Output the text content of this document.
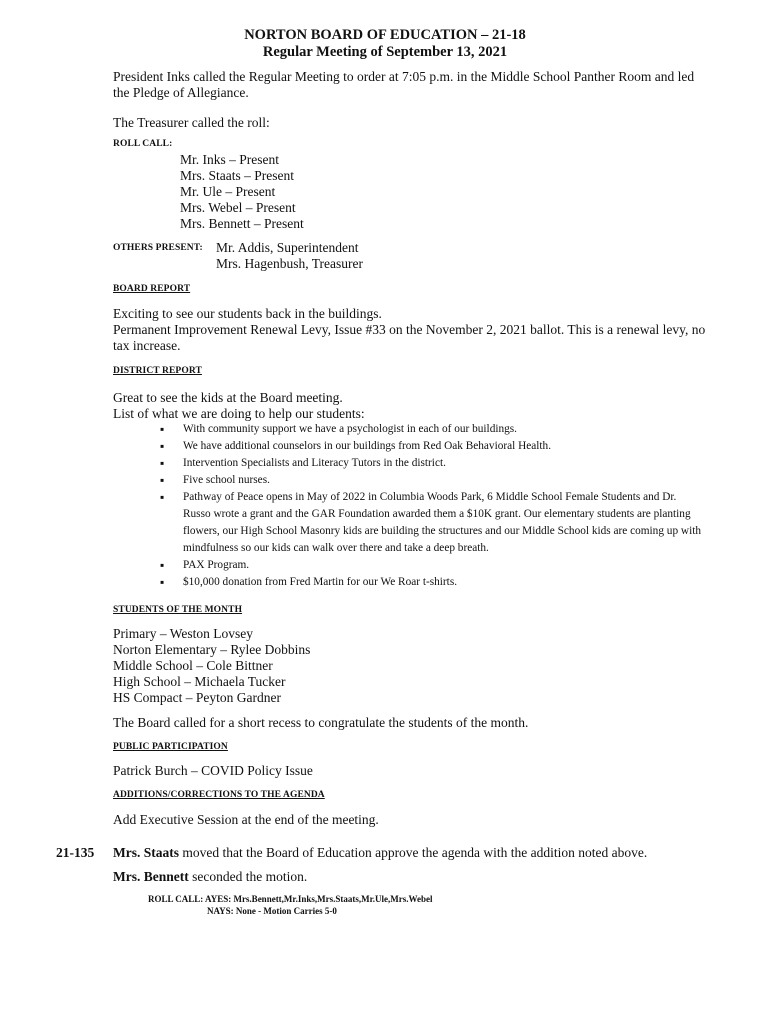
NORTON BOARD OF EDUCATION – 21-18
Regular Meeting of September 13, 2021
President Inks called the Regular Meeting to order at 7:05 p.m. in the Middle School Panther Room and led the Pledge of Allegiance.
The Treasurer called the roll:
ROLL CALL:
Mr. Inks – Present
Mrs. Staats – Present
Mr. Ule – Present
Mrs. Webel – Present
Mrs. Bennett – Present
OTHERS PRESENT: Mr. Addis, Superintendent
Mrs. Hagenbush, Treasurer
BOARD REPORT
Exciting to see our students back in the buildings.
Permanent Improvement Renewal Levy, Issue #33 on the November 2, 2021 ballot. This is a renewal levy, no tax increase.
DISTRICT REPORT
Great to see the kids at the Board meeting.
List of what we are doing to help our students:
▪ With community support we have a psychologist in each of our buildings.
▪ We have additional counselors in our buildings from Red Oak Behavioral Health.
▪ Intervention Specialists and Literacy Tutors in the district.
▪ Five school nurses.
▪ Pathway of Peace opens in May of 2022 in Columbia Woods Park, 6 Middle School Female Students and Dr. Russo wrote a grant and the GAR Foundation awarded them a $10K grant. Our elementary students are planting flowers, our High School Masonry kids are building the structures and our Middle School kids are coming up with mindfulness so our kids can walk over there and take a deep breath.
▪ PAX Program.
▪ $10,000 donation from Fred Martin for our We Roar t-shirts.
STUDENTS OF THE MONTH
Primary – Weston Lovsey
Norton Elementary – Rylee Dobbins
Middle School – Cole Bittner
High School – Michaela Tucker
HS Compact – Peyton Gardner
The Board called for a short recess to congratulate the students of the month.
PUBLIC PARTICIPATION
Patrick Burch – COVID Policy Issue
ADDITIONS/CORRECTIONS TO THE AGENDA
Add Executive Session at the end of the meeting.
21-135 Mrs. Staats moved that the Board of Education approve the agenda with the addition noted above.
Mrs. Bennett seconded the motion.
ROLL CALL: AYES: Mrs.Bennett,Mr.Inks,Mrs.Staats,Mr.Ule,Mrs.Webel
NAYS: None - Motion Carries 5-0
